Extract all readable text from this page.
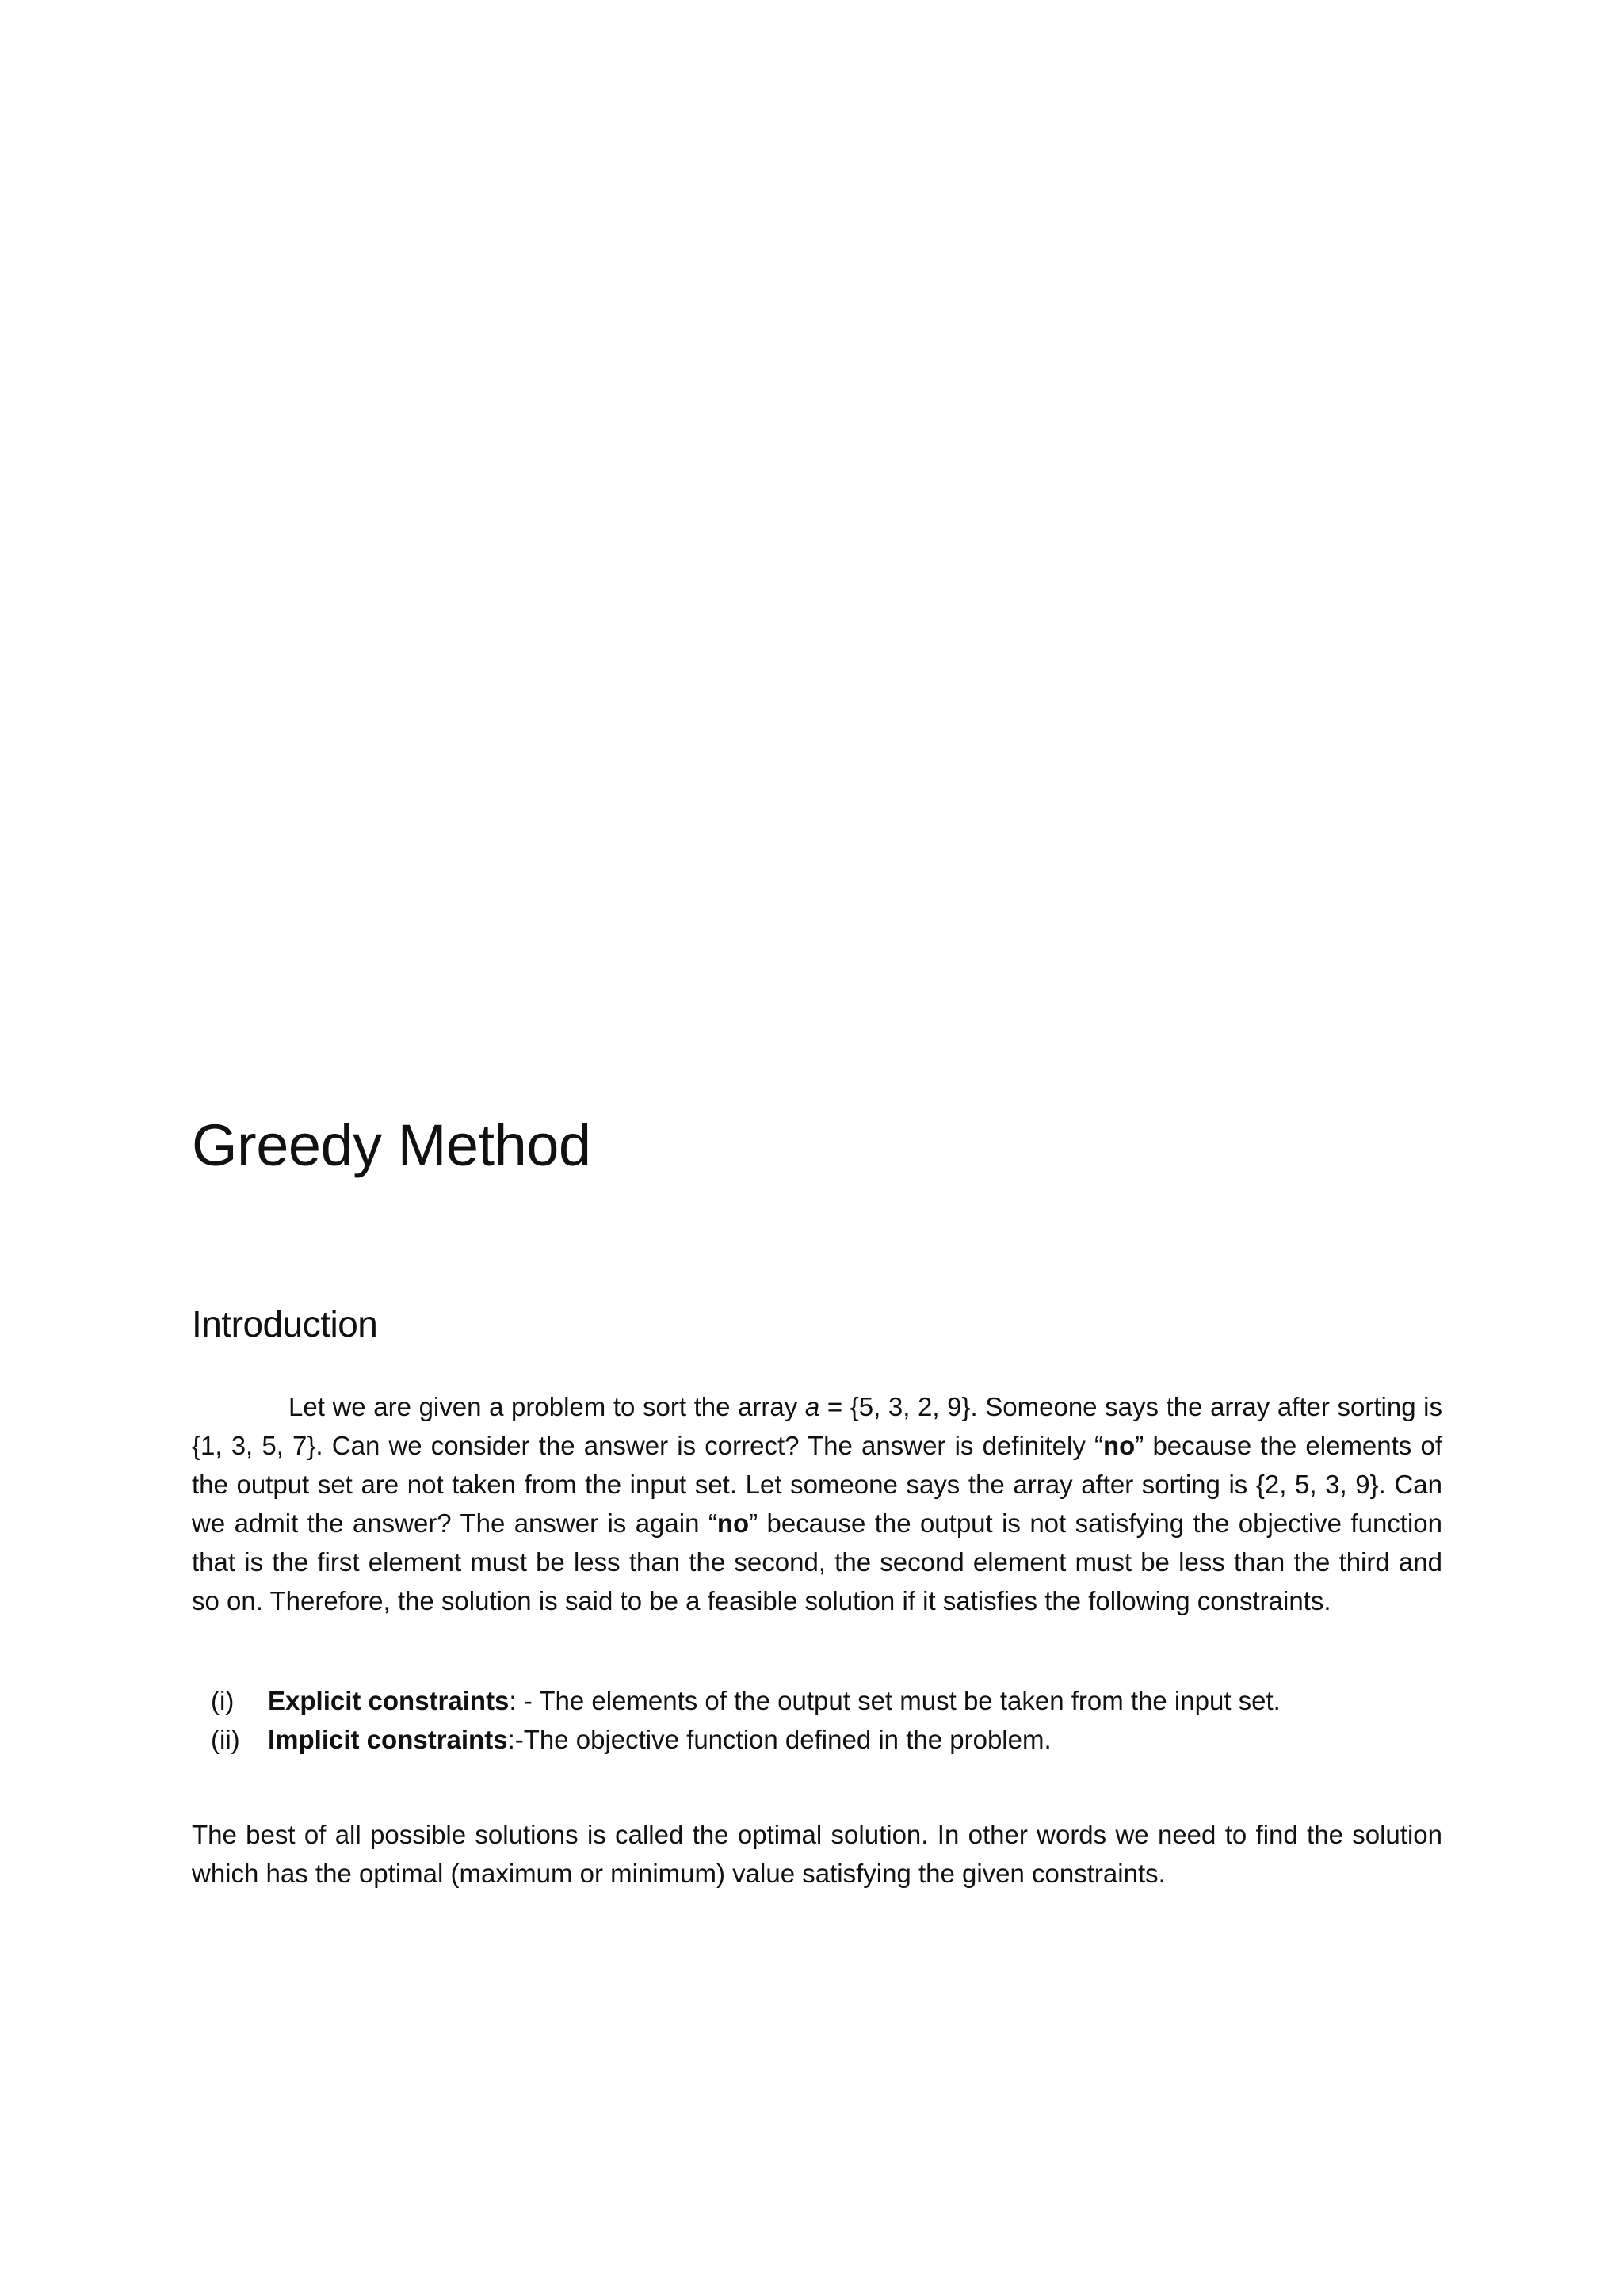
Greedy Method
Introduction

Let we are given a problem to sort the array a = {5, 3, 2, 9}. Someone says the array after sorting is {1, 3, 5, 7}. Can we consider the answer is correct? The answer is definitely “no” because the elements of the output set are not taken from the input set. Let someone says the array after sorting is {2, 5, 3, 9}. Can we admit the answer? The answer is again “no” because the output is not satisfying the objective function that is the first element must be less than the second, the second element must be less than the third and so on. Therefore, the solution is said to be a feasible solution if it satisfies the following constraints.

(i) Explicit constraints: - The elements of the output set must be taken from the input set.
(ii) Implicit constraints:-The objective function defined in the problem.

The best of all possible solutions is called the optimal solution. In other words we need to find the solution which has the optimal (maximum or minimum) value satisfying the given constraints.
